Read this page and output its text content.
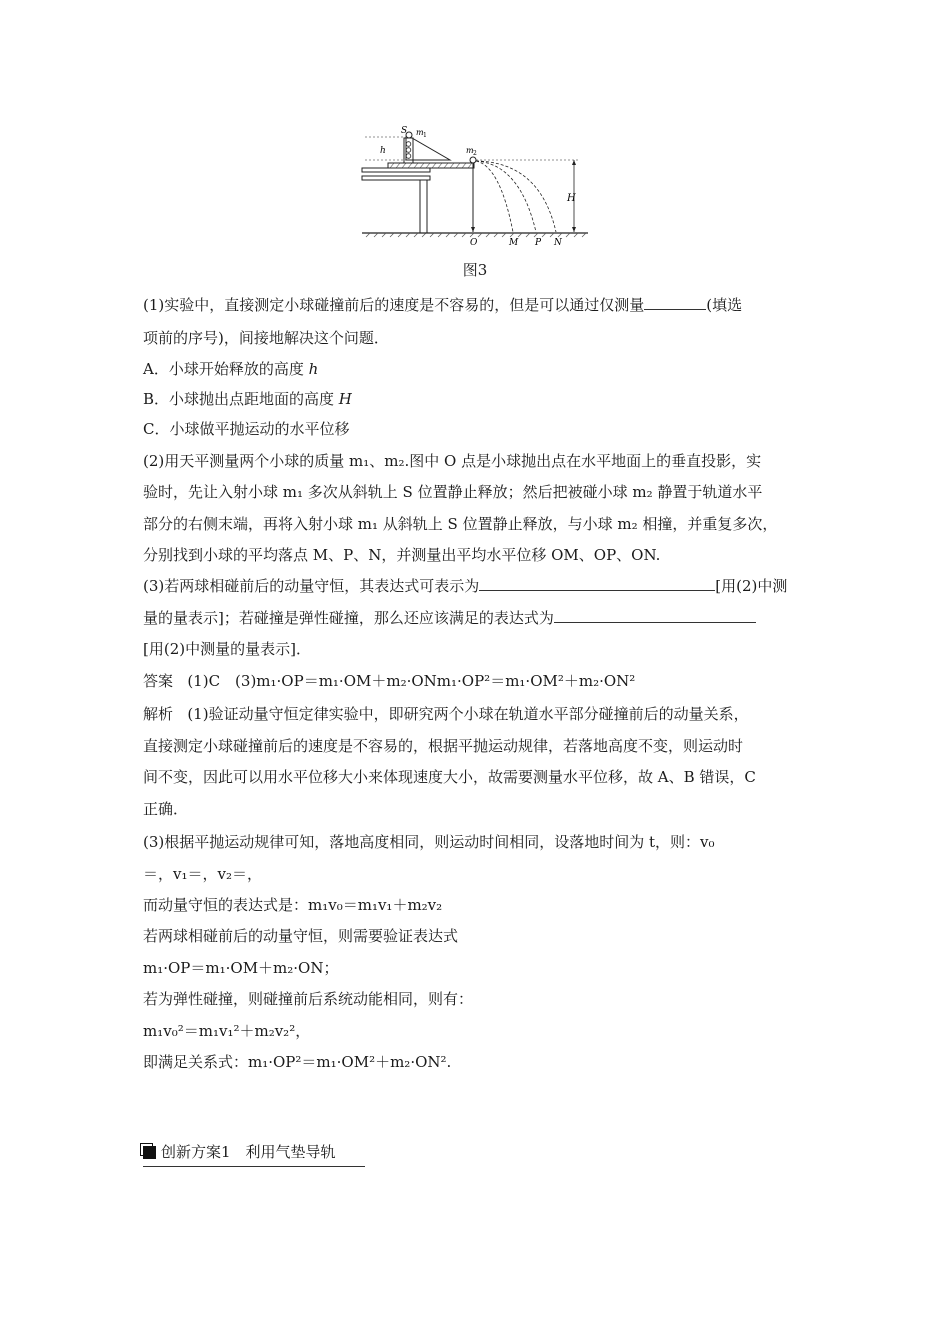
S m 1
h	m 2
H
O	M P N
图3
(1)实验中，直接测定小球碰撞前后的速度是不容易的，但是可以通过仅测量	(填选
项前的序号)，间接地解决这个问题．
A．小球开始释放的高度 h
B．小球抛出点距地面的高度 H
C．小球做平抛运动的水平位移
(2)用天平测量两个小球的质量 m₁、m₂.图中 O 点是小球抛出点在水平地面上的垂直投影，实
验时，先让入射小球 m₁ 多次从斜轨上 S 位置静止释放；然后把被碰小球 m₂ 静置于轨道水平
部分的右侧末端，再将入射小球 m₁ 从斜轨上 S 位置静止释放，与小球 m₂ 相撞，并重复多次，
分别找到小球的平均落点 M、P、N，并测量出平均水平位移 OM、OP、ON.
(3)若两球相碰前后的动量守恒，其表达式可表示为	[用(2)中测
量的量表示]；若碰撞是弹性碰撞，那么还应该满足的表达式为
[用(2)中测量的量表示]．
答案 (1)C　(3)m₁·OP＝m₁·OM＋m₂·ONm₁·OP²＝m₁·OM²＋m₂·ON²
解析 (1)验证动量守恒定律实验中，即研究两个小球在轨道水平部分碰撞前后的动量关系，
直接测定小球碰撞前后的速度是不容易的，根据平抛运动规律，若落地高度不变，则运动时
间不变，因此可以用水平位移大小来体现速度大小，故需要测量水平位移，故 A、B 错误，C
正确．
(3)根据平抛运动规律可知，落地高度相同，则运动时间相同，设落地时间为 t，则：v₀
＝，v₁＝，v₂＝，
而动量守恒的表达式是：m₁v₀＝m₁v₁＋m₂v₂
若两球相碰前后的动量守恒，则需要验证表达式
m₁·OP＝m₁·OM＋m₂·ON；
若为弹性碰撞，则碰撞前后系统动能相同，则有：
m₁v₀²＝m₁v₁²＋m₂v₂²，
即满足关系式：m₁·OP²＝m₁·OM²＋m₂·ON².
创新方案1　利用气垫导轨
